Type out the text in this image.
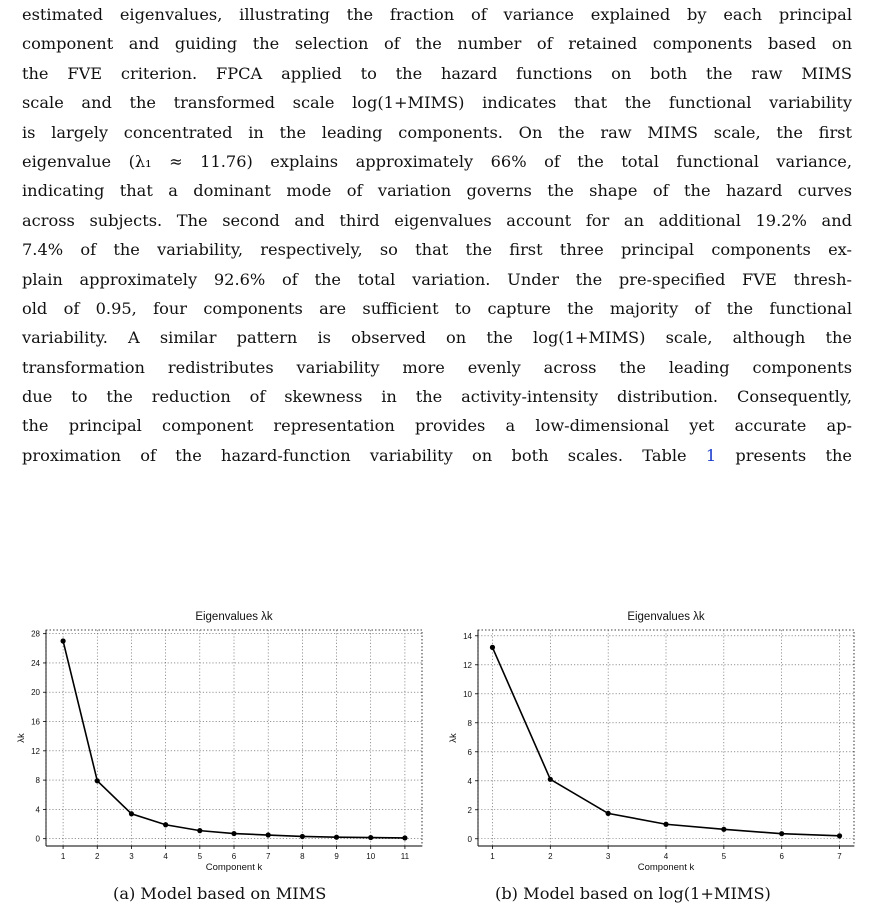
estimated eigenvalues, illustrating the fraction of variance explained by each principal
component and guiding the selection of the number of retained components based on
the FVE criterion. FPCA applied to the hazard functions on both the raw MIMS
scale and the transformed scale log(1+MIMS) indicates that the functional variability
is largely concentrated in the leading components. On the raw MIMS scale, the first
eigenvalue (λ₁ ≈ 11.76) explains approximately 66% of the total functional variance,
indicating that a dominant mode of variation governs the shape of the hazard curves
across subjects. The second and third eigenvalues account for an additional 19.2% and
7.4% of the variability, respectively, so that the first three principal components ex-
plain approximately 92.6% of the total variation. Under the pre-specified FVE thresh-
old of 0.95, four components are sufficient to capture the majority of the functional
variability. A similar pattern is observed on the log(1+MIMS) scale, although the
transformation redistributes variability more evenly across the leading components
due to the reduction of skewness in the activity-intensity distribution. Consequently,
the principal component representation provides a low-dimensional yet accurate ap-
proximation of the hazard-function variability on both scales. Table 1 presents the
Eigenvalues λk
0
4
8
12
16
20
24
28
1	2	3	4	5	6	7	8	9	10	11
Component k
λk
Eigenvalues λk
0
2
4
6
8
10
12
14
1	2	3	4	5	6	7
Component k
λk
(a) Model based on MIMS	(b) Model based on log(1+MIMS)
